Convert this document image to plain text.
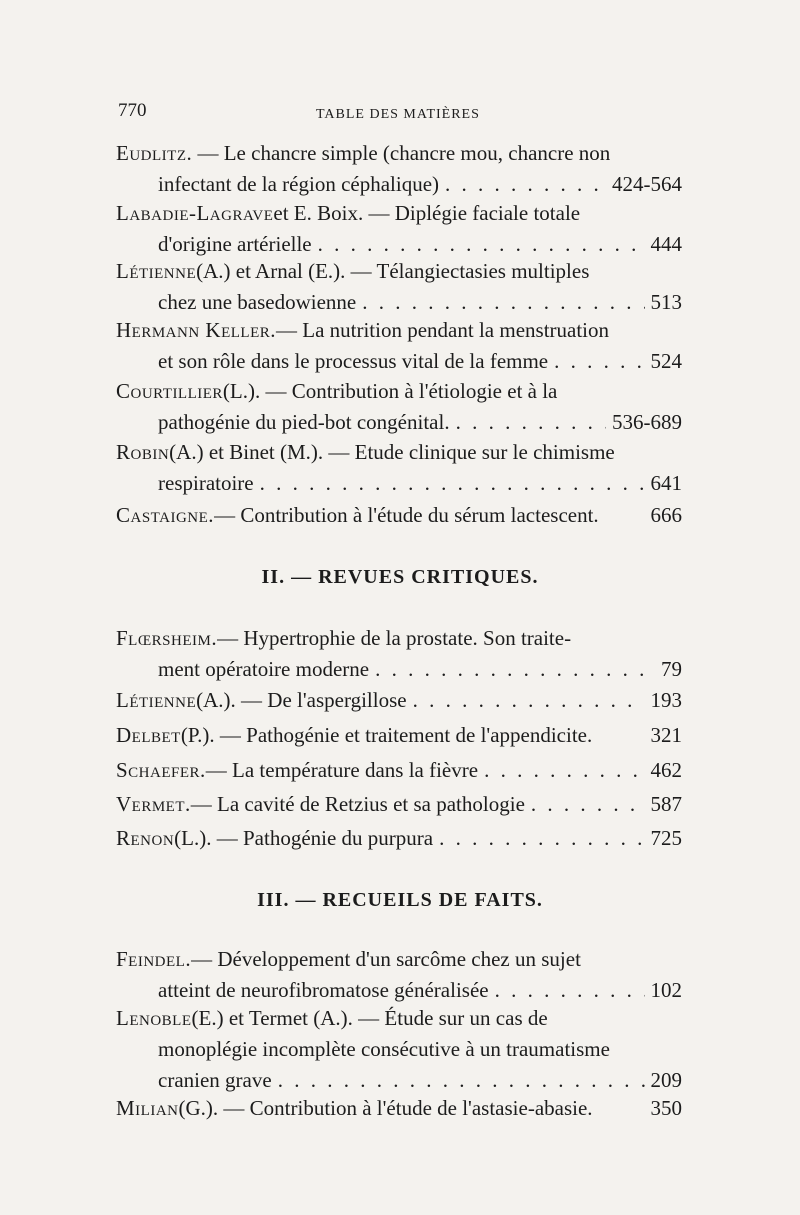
770	TABLE DES MATIÈRES
Eudlitz. — Le chancre simple (chancre mou, chancre non
infectant de la région céphalique) . . .	424-564
Labadie-Lagrave et E. Boix. — Diplégie faciale totale
d'origine artérielle . . .	444
Létienne (A.) et Arnal (E.). — Télangiectasies multiples
chez une basedowienne . . .	513
Hermann Keller. — La nutrition pendant la menstruation
et son rôle dans le processus vital de la femme . . .	524
Courtillier (L.). — Contribution à l'étiologie et à la
pathogénie du pied-bot congénital. . . .	536-689
Robin (A.) et Binet (M.). — Etude clinique sur le chimisme
respiratoire . . .	641
Castaigne. — Contribution à l'étude du sérum lactescent. 666
II. — REVUES CRITIQUES.
Flœrsheim. — Hypertrophie de la prostate. Son traite-
ment opératoire moderne . . .	79
Létienne (A.). — De l'aspergillose . . .	193
Delbet (P.). — Pathogénie et traitement de l'appendicite.	321
Schaefer. — La température dans la fièvre . . .	462
Vermet. — La cavité de Retzius et sa pathologie . . .	587
Renon (L.). — Pathogénie du purpura . . .	725
III. — RECUEILS DE FAITS.
Feindel. — Développement d'un sarcôme chez un sujet
atteint de neurofibromatose généralisée . . .	102
Lenoble (E.) et Termet (A.). — Étude sur un cas de
monoplégie incomplète consécutive à un traumatisme
cranien grave . . .	209
Milian (G.). — Contribution à l'étude de l'astasie-abasie.	350
